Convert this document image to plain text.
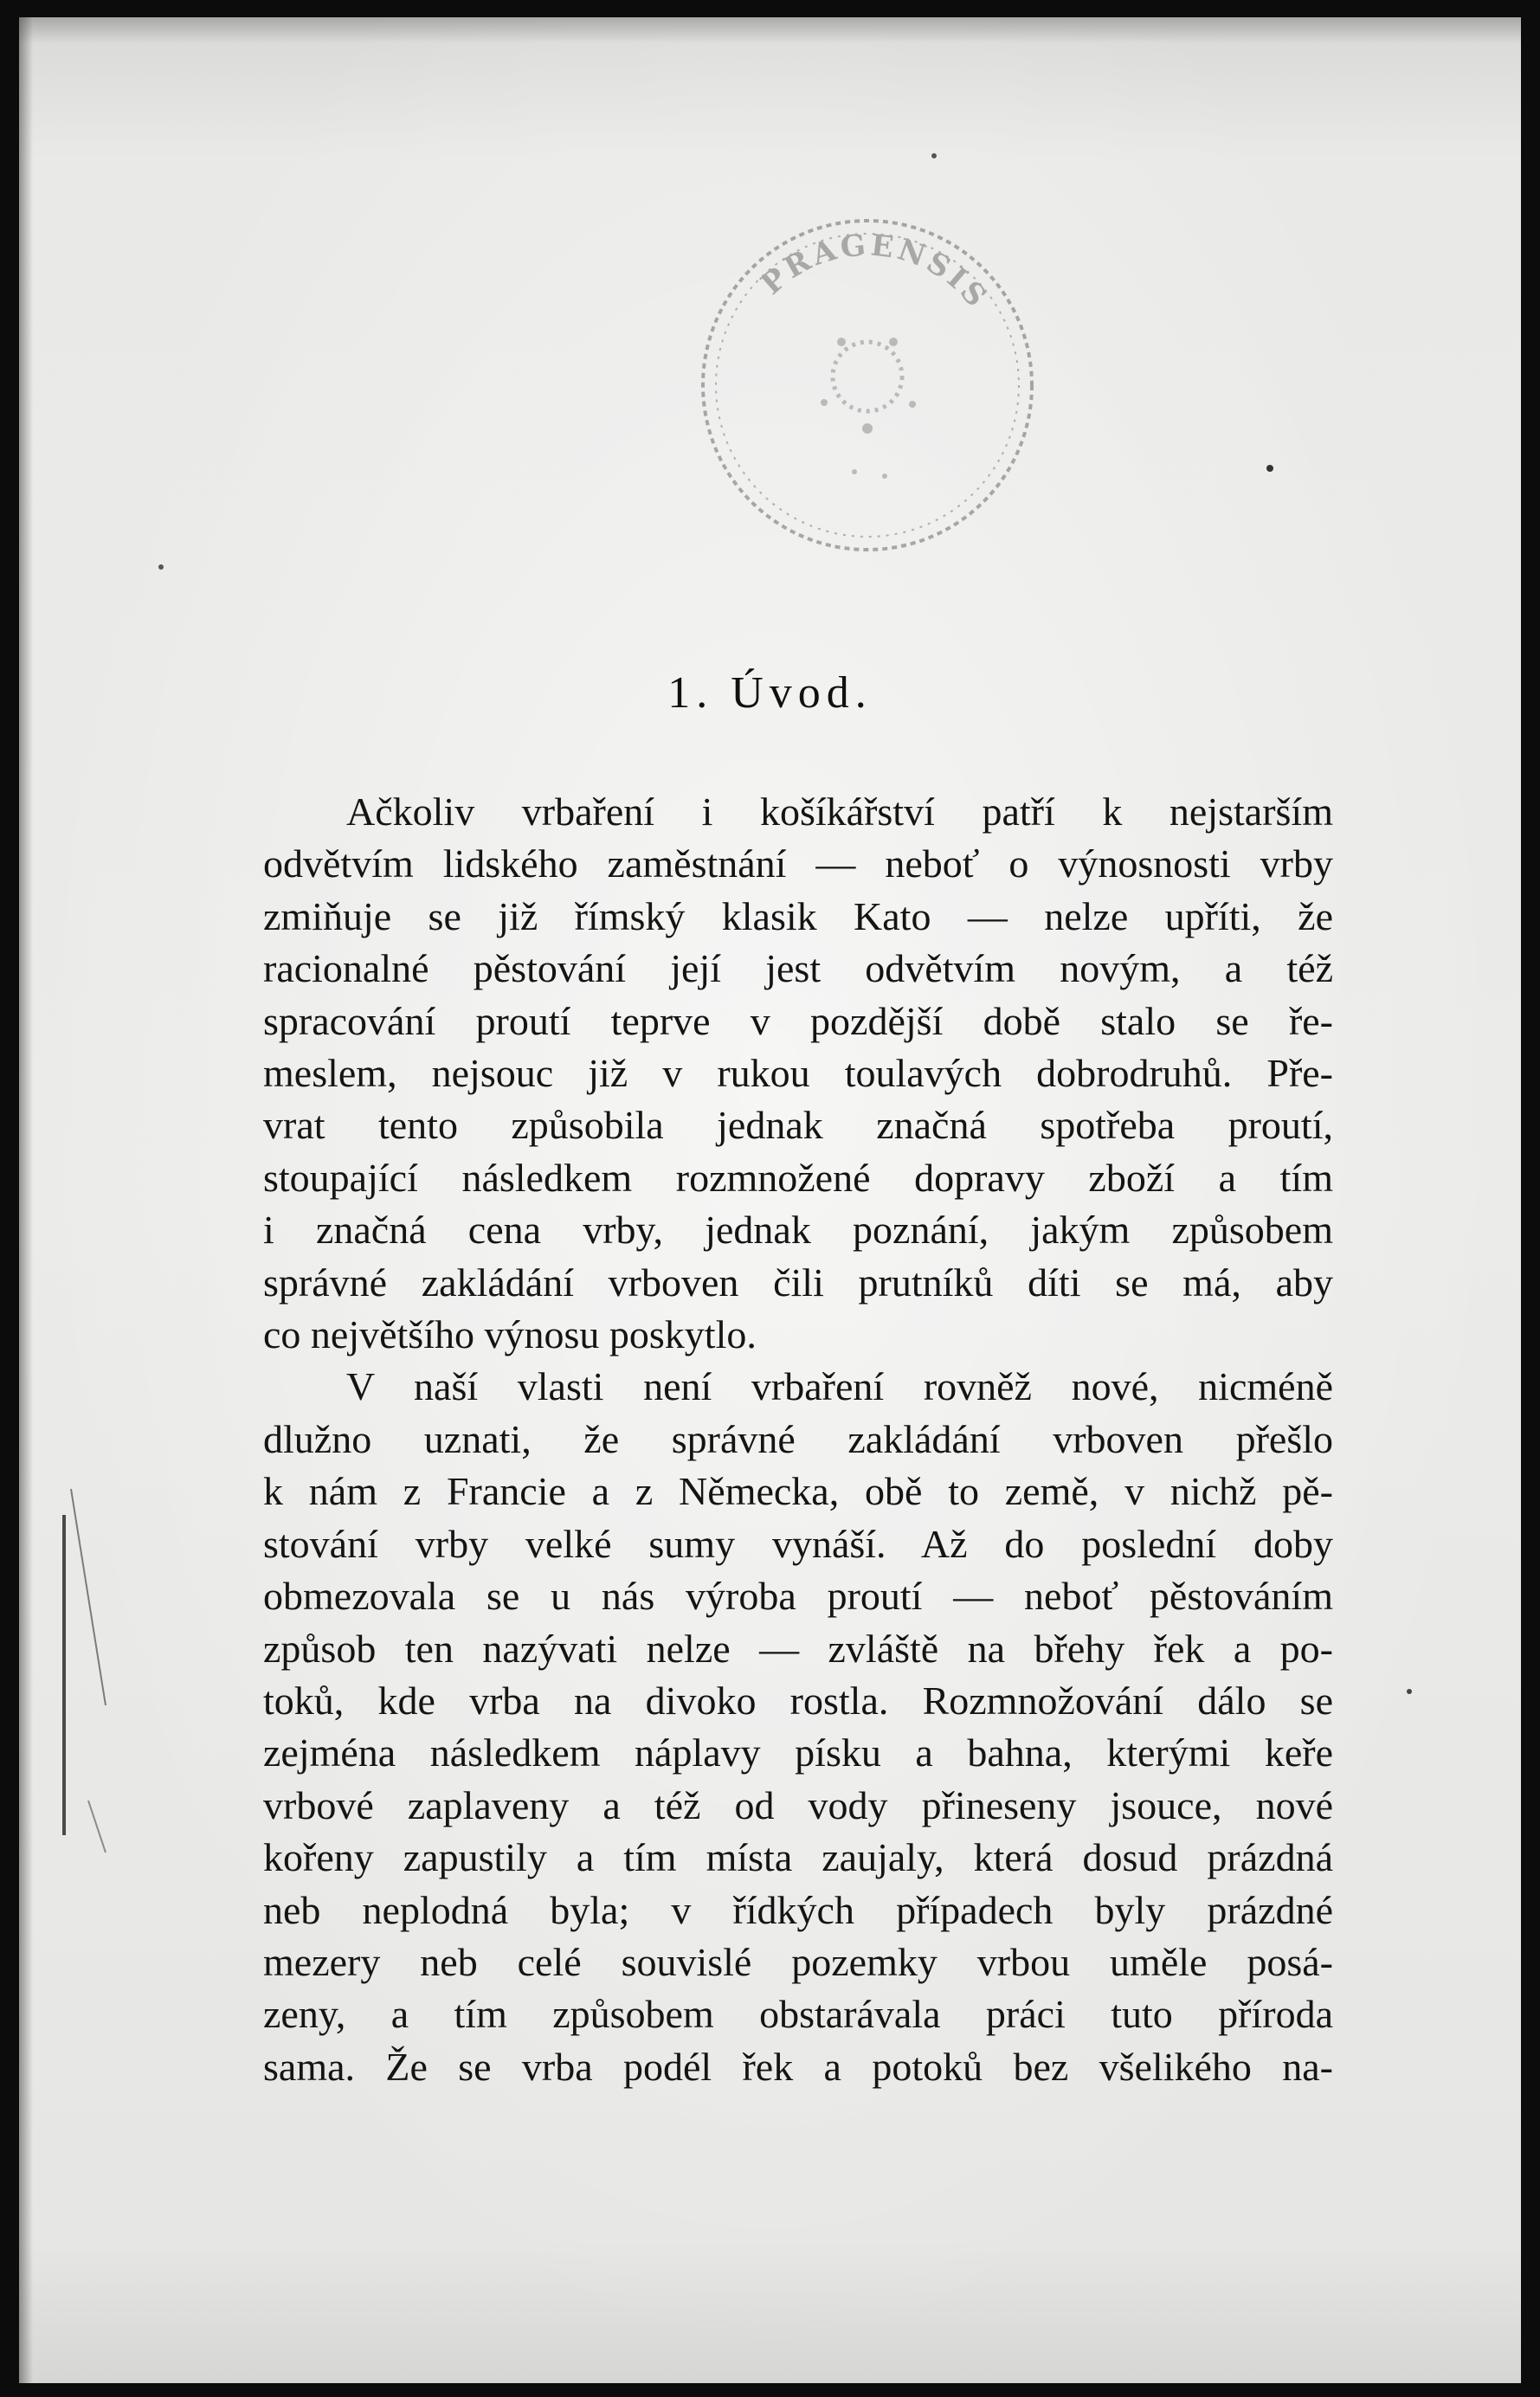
PRAGENSIS
1. Úvod.

Ačkoliv vrbaření i košíkářství patří k nejstarším
odvětvím lidského zaměstnání — neboť o výnosnosti vrby
zmiňuje se již římský klasik Kato — nelze upříti, že
racionalné pěstování její jest odvětvím novým, a též
spracování proutí teprve v pozdější době stalo se ře-
meslem, nejsouc již v rukou toulavých dobrodruhů. Pře-
vrat tento způsobila jednak značná spotřeba proutí,
stoupající následkem rozmnožené dopravy zboží a tím
i značná cena vrby, jednak poznání, jakým způsobem
správné zakládání vrboven čili prutníků díti se má, aby
co největšího výnosu poskytlo.

V naší vlasti není vrbaření rovněž nové, nicméně
dlužno uznati, že správné zakládání vrboven přešlo
k nám z Francie a z Německa, obě to země, v nichž pě-
stování vrby velké sumy vynáší. Až do poslední doby
obmezovala se u nás výroba proutí — neboť pěstováním
způsob ten nazývati nelze — zvláště na břehy řek a po-
toků, kde vrba na divoko rostla. Rozmnožování dálo se
zejména následkem náplavy písku a bahna, kterými keře
vrbové zaplaveny a též od vody přineseny jsouce, nové
kořeny zapustily a tím místa zaujaly, která dosud prázdná
neb neplodná byla; v řídkých případech byly prázdné
mezery neb celé souvislé pozemky vrbou uměle posá-
zeny, a tím způsobem obstarávala práci tuto příroda
sama. Že se vrba podél řek a potoků bez všelikého na-
